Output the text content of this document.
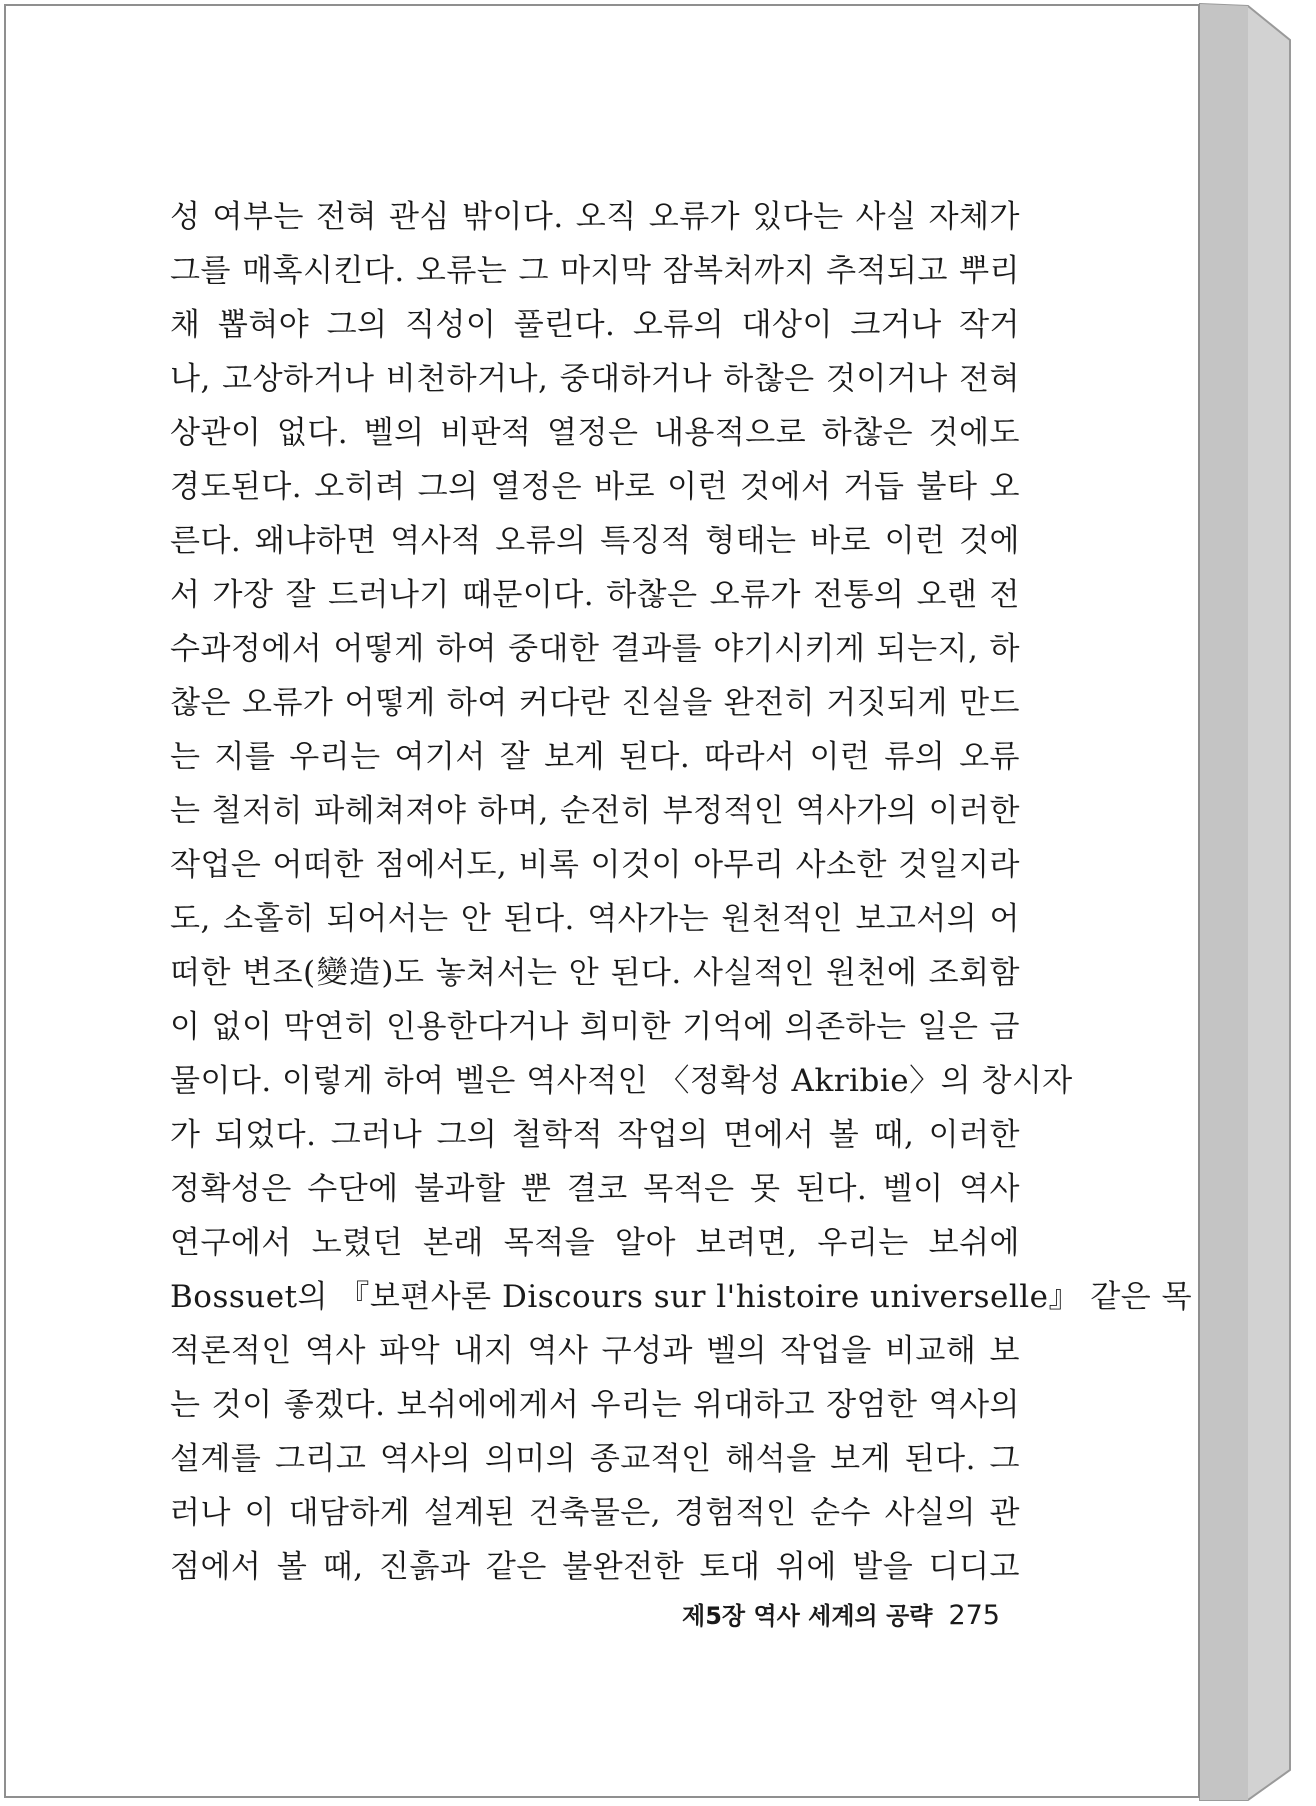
성 여부는 전혀 관심 밖이다. 오직 오류가 있다는 사실 자체가
그를 매혹시킨다. 오류는 그 마지막 잠복처까지 추적되고 뿌리
채 뽑혀야 그의 직성이 풀린다. 오류의 대상이 크거나 작거
나, 고상하거나 비천하거나, 중대하거나 하찮은 것이거나 전혀
상관이 없다. 벨의 비판적 열정은 내용적으로 하찮은 것에도
경도된다. 오히려 그의 열정은 바로 이런 것에서 거듭 불타 오
른다. 왜냐하면 역사적 오류의 특징적 형태는 바로 이런 것에
서 가장 잘 드러나기 때문이다. 하찮은 오류가 전통의 오랜 전
수과정에서 어떻게 하여 중대한 결과를 야기시키게 되는지, 하
찮은 오류가 어떻게 하여 커다란 진실을 완전히 거짓되게 만드
는 지를 우리는 여기서 잘 보게 된다. 따라서 이런 류의 오류
는 철저히 파헤쳐져야 하며, 순전히 부정적인 역사가의 이러한
작업은 어떠한 점에서도, 비록 이것이 아무리 사소한 것일지라
도, 소홀히 되어서는 안 된다. 역사가는 원천적인 보고서의 어
떠한 변조(變造)도 놓쳐서는 안 된다. 사실적인 원천에 조회함
이 없이 막연히 인용한다거나 희미한 기억에 의존하는 일은 금
물이다. 이렇게 하여 벨은 역사적인 〈정확성 Akribie〉의 창시자
가 되었다. 그러나 그의 철학적 작업의 면에서 볼 때, 이러한
정확성은 수단에 불과할 뿐 결코 목적은 못 된다. 벨이 역사
연구에서 노렸던 본래 목적을 알아 보려면, 우리는 보쉬에
Bossuet의 『보편사론 Discours sur l'histoire universelle』 같은 목
적론적인 역사 파악 내지 역사 구성과 벨의 작업을 비교해 보
는 것이 좋겠다. 보쉬에에게서 우리는 위대하고 장엄한 역사의
설계를 그리고 역사의 의미의 종교적인 해석을 보게 된다. 그
러나 이 대담하게 설계된 건축물은, 경험적인 순수 사실의 관
점에서 볼 때, 진흙과 같은 불완전한 토대 위에 발을 디디고
제5장 역사 세계의 공략 275
